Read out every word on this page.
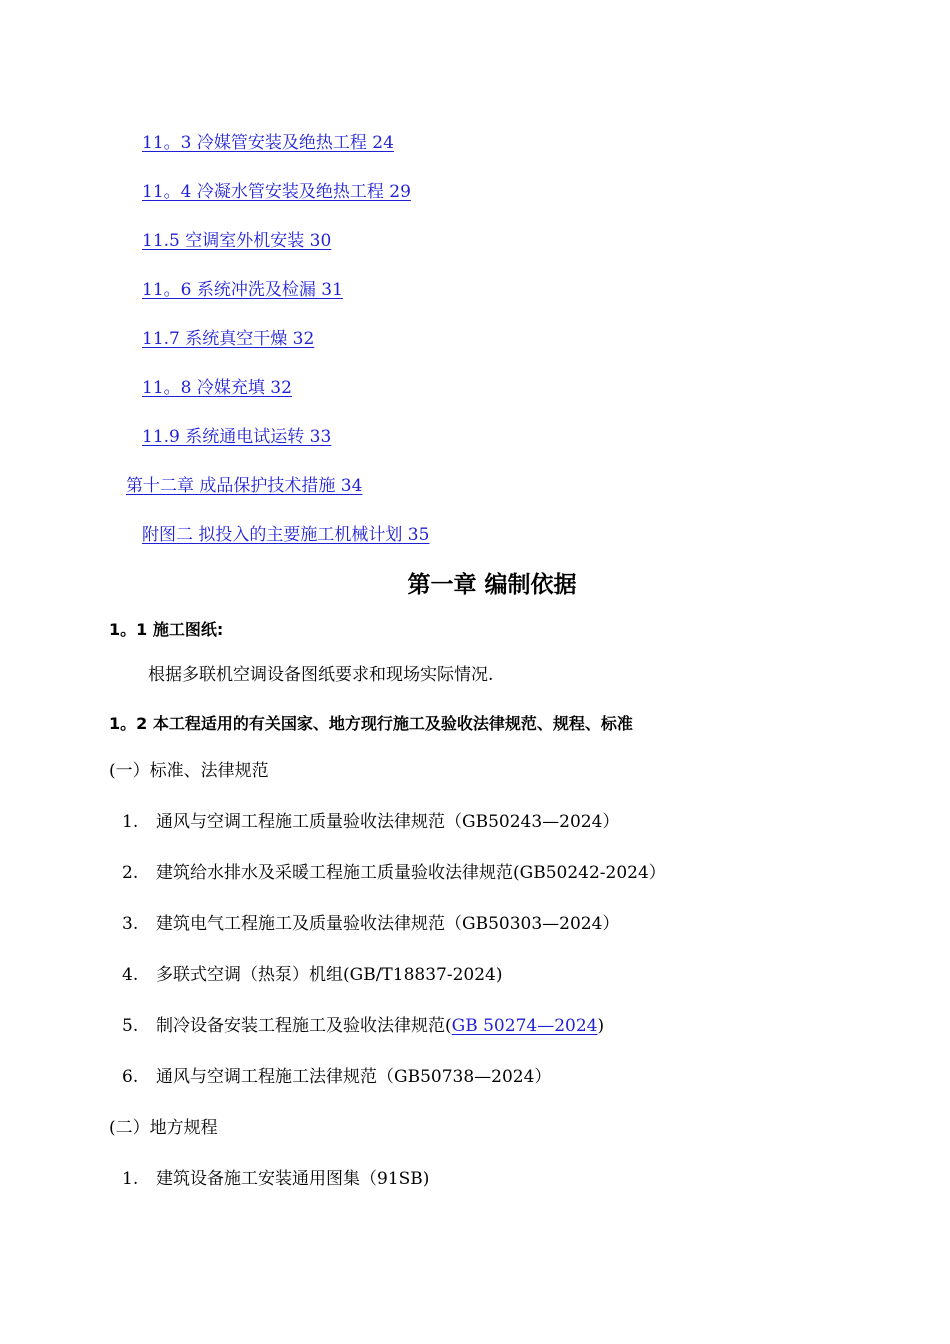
11。3 冷媒管安装及绝热工程 24
11。4 冷凝水管安装及绝热工程 29
11.5 空调室外机安装 30
11。6 系统冲洗及检漏 31
11.7 系统真空干燥 32
11。8 冷媒充填 32
11.9 系统通电试运转 33
第十二章 成品保护技术措施 34
附图二 拟投入的主要施工机械计划 35
第一章 编制依据
1。1 施工图纸:
根据多联机空调设备图纸要求和现场实际情况.
1。2 本工程适用的有关国家、地方现行施工及验收法律规范、规程、标准
(一）标准、法律规范
1. 通风与空调工程施工质量验收法律规范（GB50243—2024）
2. 建筑给水排水及采暖工程施工质量验收法律规范(GB50242-2024）
3. 建筑电气工程施工及质量验收法律规范（GB50303—2024）
4. 多联式空调（热泵）机组(GB/T18837-2024)
5. 制冷设备安装工程施工及验收法律规范(GB 50274—2024)
6. 通风与空调工程施工法律规范（GB50738—2024）
(二）地方规程
1. 建筑设备施工安装通用图集（91SB)
